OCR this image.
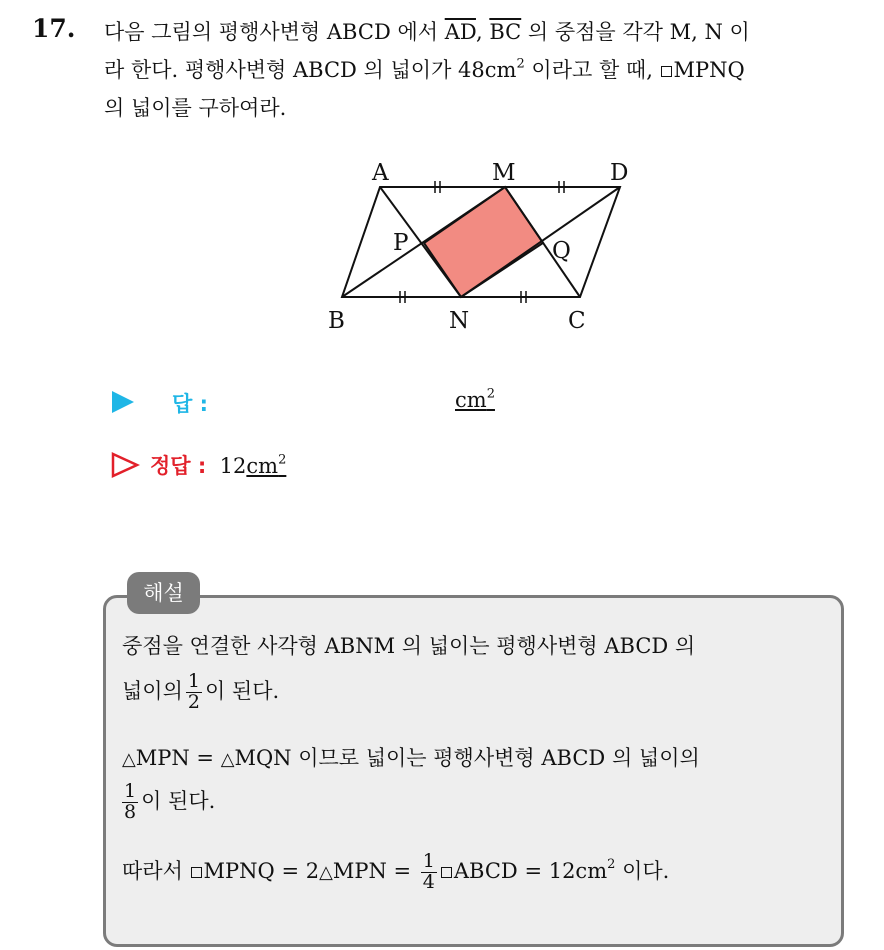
17. 다음 그림의 평행사변형 ABCD 에서 $\overline{AD}$, $\overline{BC}$ 의 중점을 각각 M, N 이
라 한다. 평행사변형 ABCD 의 넓이가 $48cm^2$ 이라고 할 때, MPNQ
의 넓이를 구하여라.
A	M	D
P	Q
B	N	C
답 :	$cm^2$
정답 : $12cm^2$
해설
중점을 연결한 사각형 ABNM 의 넓이는 평행사변형 ABCD 의
넓이의 $\frac{1}{2}$ 이 된다.
△MPN = △MQN 이므로 넓이는 평행사변형 ABCD 의 넓이의
$\frac{1}{8}$ 이 된다.
따라서 MPNQ = 2△MPN = $\frac{1}{4}$ ABCD = $12cm^2$ 이다.
